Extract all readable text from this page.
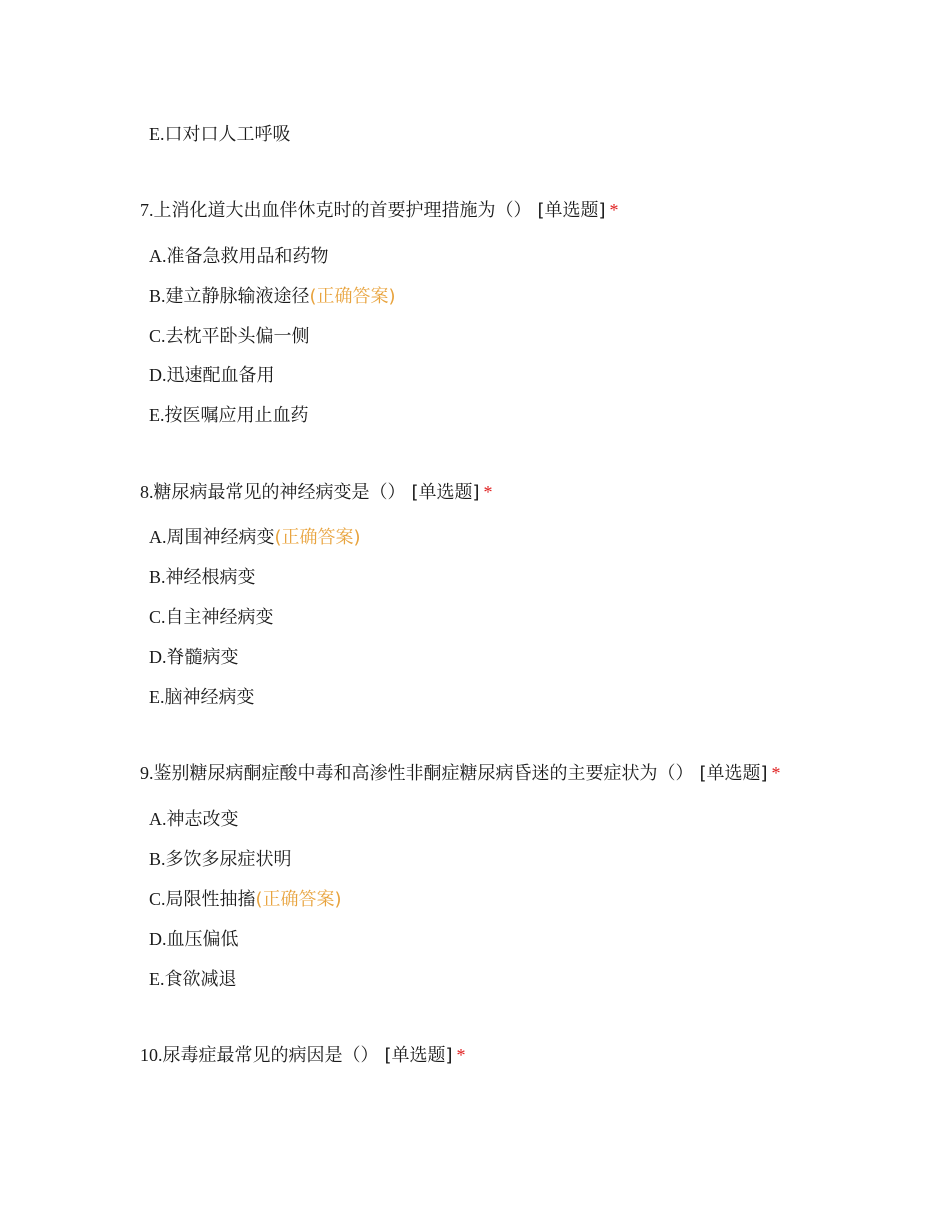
E.口对口人工呼吸
7.上消化道大出血伴休克时的首要护理措施为（） [单选题] *
A.准备急救用品和药物
B.建立静脉输液途径(正确答案)
C.去枕平卧头偏一侧
D.迅速配血备用
E.按医嘱应用止血药
8.糖尿病最常见的神经病变是（） [单选题] *
A.周围神经病变(正确答案)
B.神经根病变
C.自主神经病变
D.脊髓病变
E.脑神经病变
9.鉴别糖尿病酮症酸中毒和高渗性非酮症糖尿病昏迷的主要症状为（） [单选题] *
A.神志改变
B.多饮多尿症状明
C.局限性抽搐(正确答案)
D.血压偏低
E.食欲减退
10.尿毒症最常见的病因是（） [单选题] *
